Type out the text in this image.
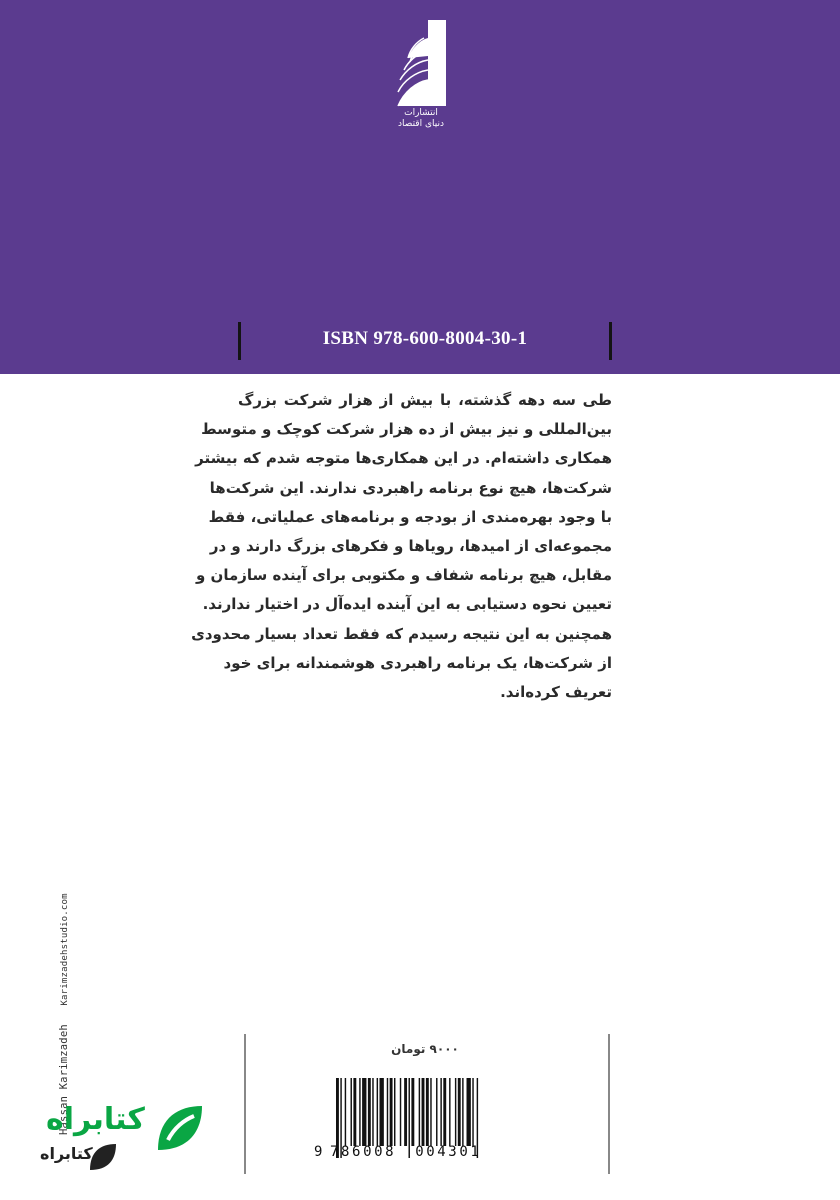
انتشارات
دنیای اقتصاد
ISBN 978-600-8004-30-1
طی سه دهه گذشته، با بیش از هزار شرکت بزرگ
بین‌المللی و نیز بیش از ده هزار شرکت کوچک و متوسط
همکاری داشته‌ام. در این همکاری‌ها متوجه شدم که بیشتر
شرکت‌ها، هیچ نوع برنامه راهبردی ندارند. این شرکت‌ها
با وجود بهره‌مندی از بودجه و برنامه‌های عملیاتی، فقط
مجموعه‌ای از امیدها، رویاها و فکرهای بزرگ دارند و در
مقابل، هیچ برنامه شفاف و مکتوبی برای آینده سازمان و
تعیین نحوه دستیابی به این آینده ایده‌آل در اختیار ندارند.
همچنین به این نتیجه رسیدم که فقط تعداد بسیار محدودی
از شرکت‌ها، یک برنامه راهبردی هوشمندانه برای خود
تعریف کرده‌اند.
Hassan Karimzadeh Karimzadehstudio.com
۹۰۰۰ تومان
9 786008 004301
کتابراه
کتابراه
